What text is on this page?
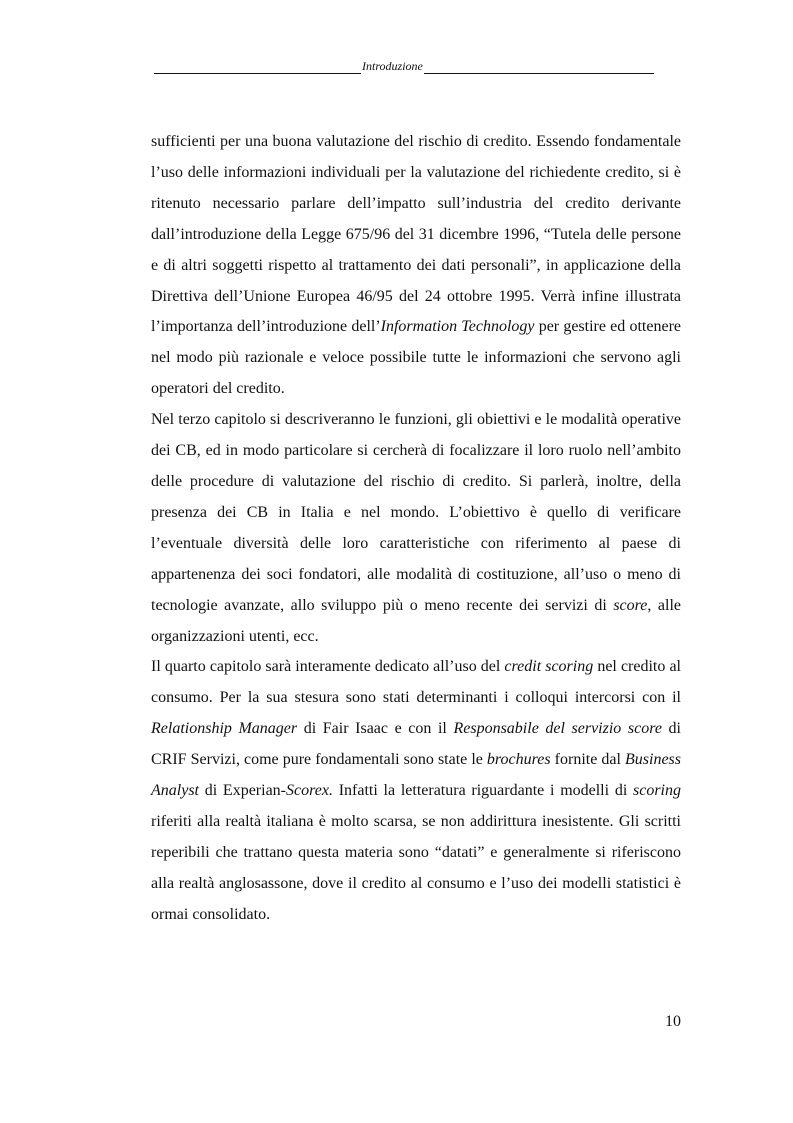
Introduzione

sufficienti per una buona valutazione del rischio di credito. Essendo fondamentale l’uso delle informazioni individuali per la valutazione del richiedente credito, si è ritenuto necessario parlare dell’impatto sull’industria del credito derivante dall’introduzione della Legge 675/96 del 31 dicembre 1996, “Tutela delle persone e di altri soggetti rispetto al trattamento dei dati personali”, in applicazione della Direttiva dell’Unione Europea 46/95 del 24 ottobre 1995. Verrà infine illustrata l’importanza dell’introduzione dell’Information Technology per gestire ed ottenere nel modo più razionale e veloce possibile tutte le informazioni che servono agli operatori del credito.

Nel terzo capitolo si descriveranno le funzioni, gli obiettivi e le modalità operative dei CB, ed in modo particolare si cercherà di focalizzare il loro ruolo nell’ambito delle procedure di valutazione del rischio di credito. Si parlerà, inoltre, della presenza dei CB in Italia e nel mondo. L’obiettivo è quello di verificare l’eventuale diversità delle loro caratteristiche con riferimento al paese di appartenenza dei soci fondatori, alle modalità di costituzione, all’uso o meno di tecnologie avanzate, allo sviluppo più o meno recente dei servizi di score, alle organizzazioni utenti, ecc.

Il quarto capitolo sarà interamente dedicato all’uso del credit scoring nel credito al consumo. Per la sua stesura sono stati determinanti i colloqui intercorsi con il Relationship Manager di Fair Isaac e con il Responsabile del servizio score di CRIF Servizi, come pure fondamentali sono state le brochures fornite dal Business Analyst di Experian-Scorex. Infatti la letteratura riguardante i modelli di scoring riferiti alla realtà italiana è molto scarsa, se non addirittura inesistente. Gli scritti reperibili che trattano questa materia sono “datati” e generalmente si riferiscono alla realtà anglosassone, dove il credito al consumo e l’uso dei modelli statistici è ormai consolidato.

10
